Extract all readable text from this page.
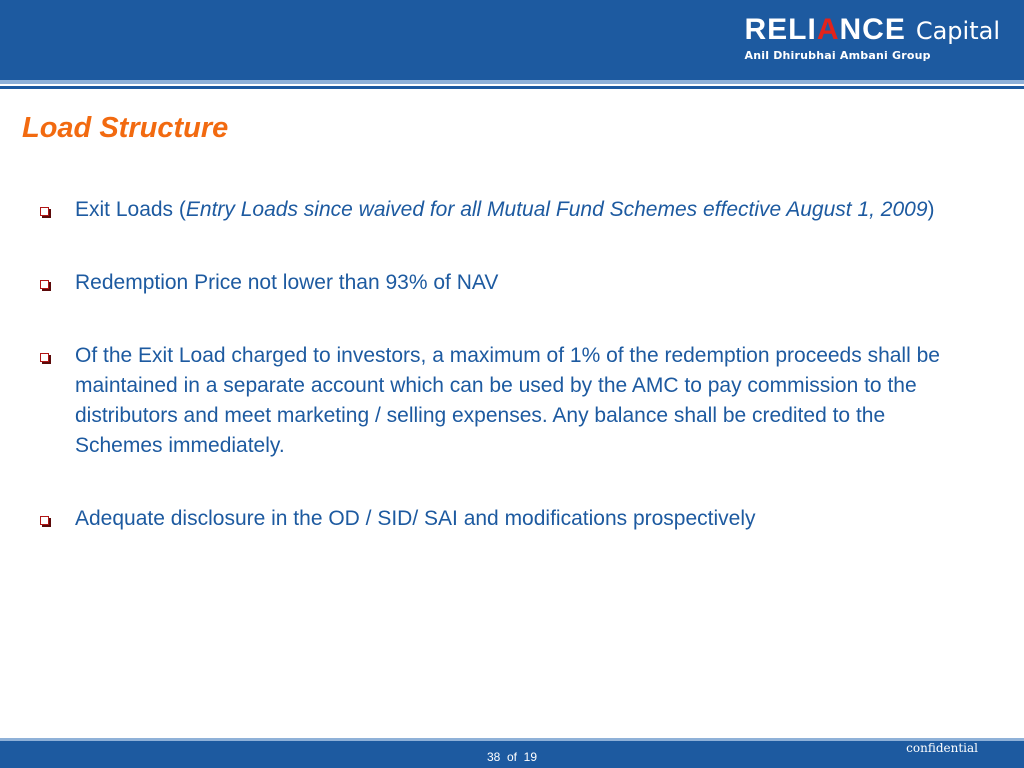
RELIANCE Capital
Anil Dhirubhai Ambani Group
Load Structure
Exit Loads (Entry Loads since waived for all Mutual Fund Schemes effective August 1, 2009)
Redemption Price not lower than 93% of NAV
Of the Exit Load charged to investors, a maximum of 1% of the redemption proceeds shall be maintained in a separate account which can be used by the AMC to pay commission to the distributors and meet marketing / selling expenses. Any balance shall be credited to the Schemes immediately.
Adequate disclosure in the OD / SID/ SAI and modifications prospectively
38 of 19
confidential
